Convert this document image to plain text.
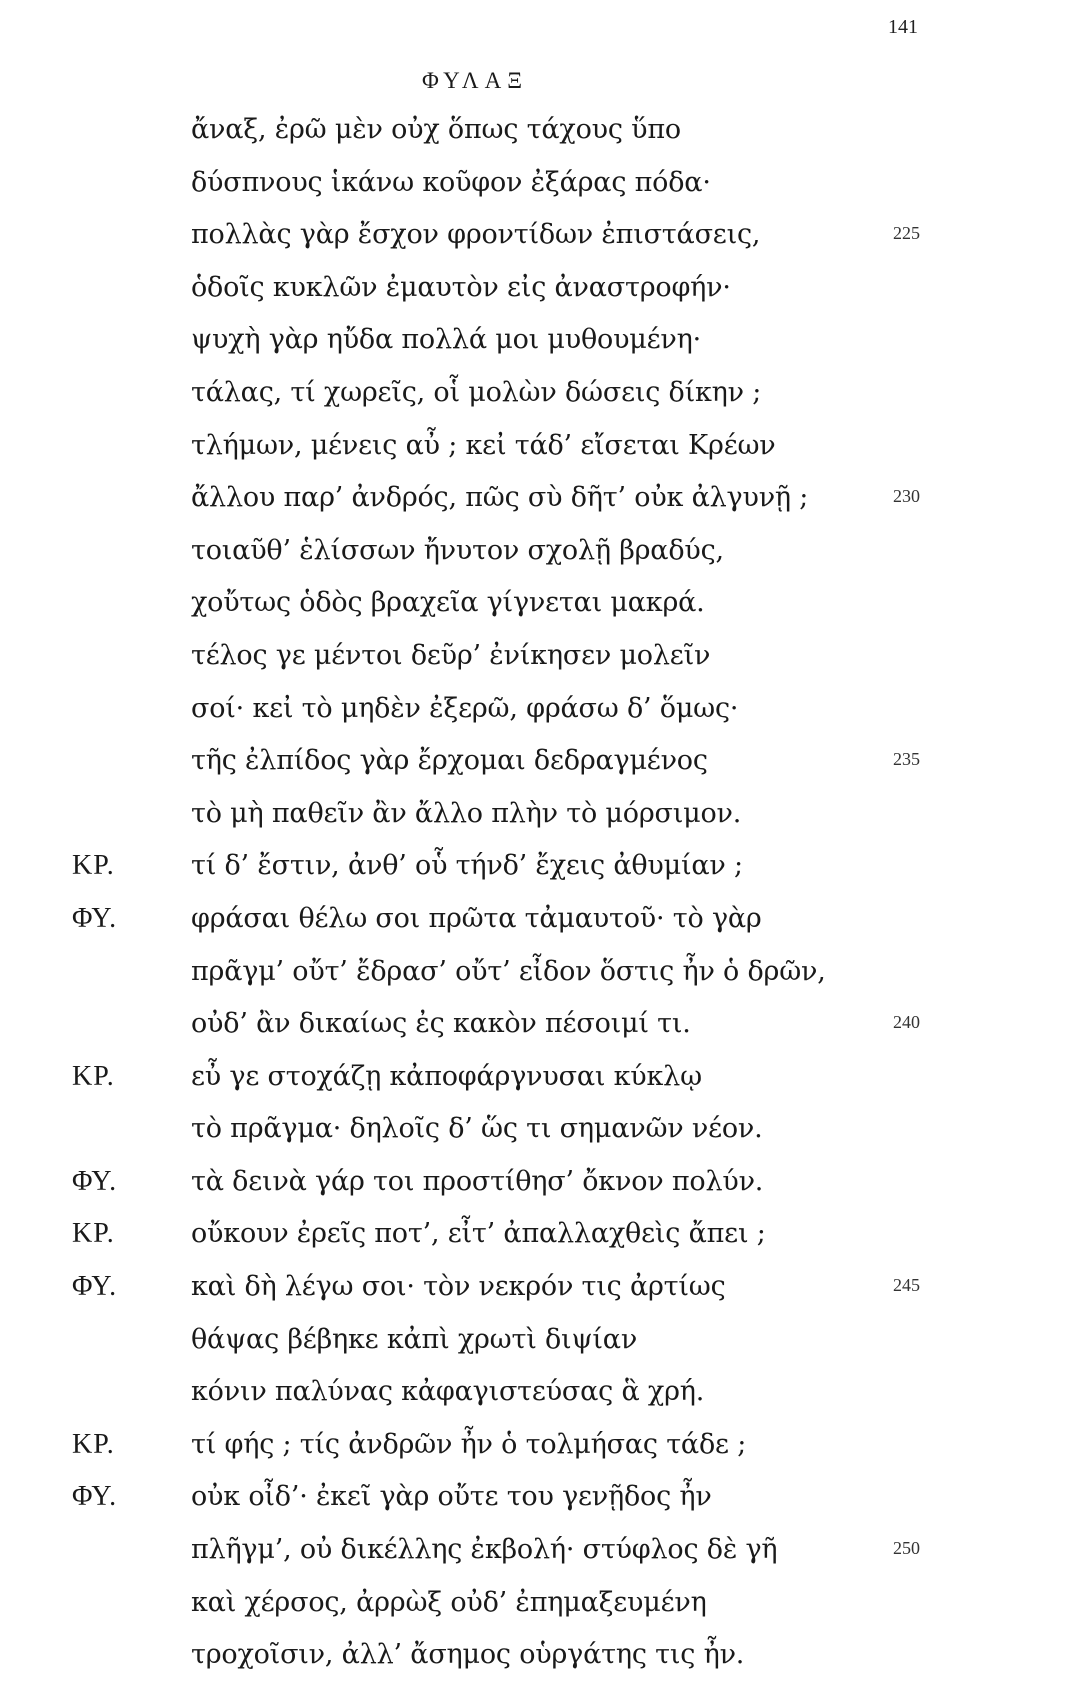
141
ΦΥΛΑΞ
ἄναξ, ἐρῶ μὲν οὐχ ὅπως τάχους ὕπο
δύσπνους ἱκάνω κοῦφον ἐξάρας πόδα·
πολλὰς γὰρ ἔσχον φροντίδων ἐπιστάσεις,	225
ὁδοῖς κυκλῶν ἐμαυτὸν εἰς ἀναστροφήν·
ψυχὴ γὰρ ηὔδα πολλά μοι μυθουμένη·
τάλας, τί χωρεῖς, οἷ μολὼν δώσεις δίκην ;
τλήμων, μένεις αὖ ; κεἰ τάδ’ εἴσεται Κρέων
ἄλλου παρ’ ἀνδρός, πῶς σὺ δῆτ’ οὐκ ἀλγυνῇ ;	230
τοιαῦθ’ ἑλίσσων ἤνυτον σχολῇ βραδύς,
χοὔτως ὁδὸς βραχεῖα γίγνεται μακρά.
τέλος γε μέντοι δεῦρ’ ἐνίκησεν μολεῖν
σοί· κεἰ τὸ μηδὲν ἐξερῶ, φράσω δ’ ὅμως·
τῆς ἐλπίδος γὰρ ἔρχομαι δεδραγμένος	235
τὸ μὴ παθεῖν ἂν ἄλλο πλὴν τὸ μόρσιμον.
ΚΡ.	τί δ’ ἔστιν, ἀνθ’ οὗ τήνδ’ ἔχεις ἀθυμίαν ;
ΦΥ.	φράσαι θέλω σοι πρῶτα τἀμαυτοῦ· τὸ γὰρ
πρᾶγμ’ οὔτ’ ἔδρασ’ οὔτ’ εἶδον ὅστις ἦν ὁ δρῶν,
οὐδ’ ἂν δικαίως ἐς κακὸν πέσοιμί τι.	240
ΚΡ.	εὖ γε στοχάζῃ κἀποφάργνυσαι κύκλῳ
τὸ πρᾶγμα· δηλοῖς δ’ ὥς τι σημανῶν νέον.
ΦΥ.	τὰ δεινὰ γάρ τοι προστίθησ’ ὄκνον πολύν.
ΚΡ.	οὔκουν ἐρεῖς ποτ’, εἶτ’ ἀπαλλαχθεὶς ἄπει ;
ΦΥ.	καὶ δὴ λέγω σοι· τὸν νεκρόν τις ἀρτίως	245
θάψας βέβηκε κἀπὶ χρωτὶ διψίαν
κόνιν παλύνας κἀφαγιστεύσας ἃ χρή.
ΚΡ.	τί φής ; τίς ἀνδρῶν ἦν ὁ τολμήσας τάδε ;
ΦΥ.	οὐκ οἶδ’· ἐκεῖ γὰρ οὔτε του γενῇδος ἦν
πλῆγμ’, οὐ δικέλλης ἐκβολή· στύφλος δὲ γῆ	250
καὶ χέρσος, ἀρρὼξ οὐδ’ ἐπημαξευμένη
τροχοῖσιν, ἀλλ’ ἄσημος οὑργάτης τις ἦν.
